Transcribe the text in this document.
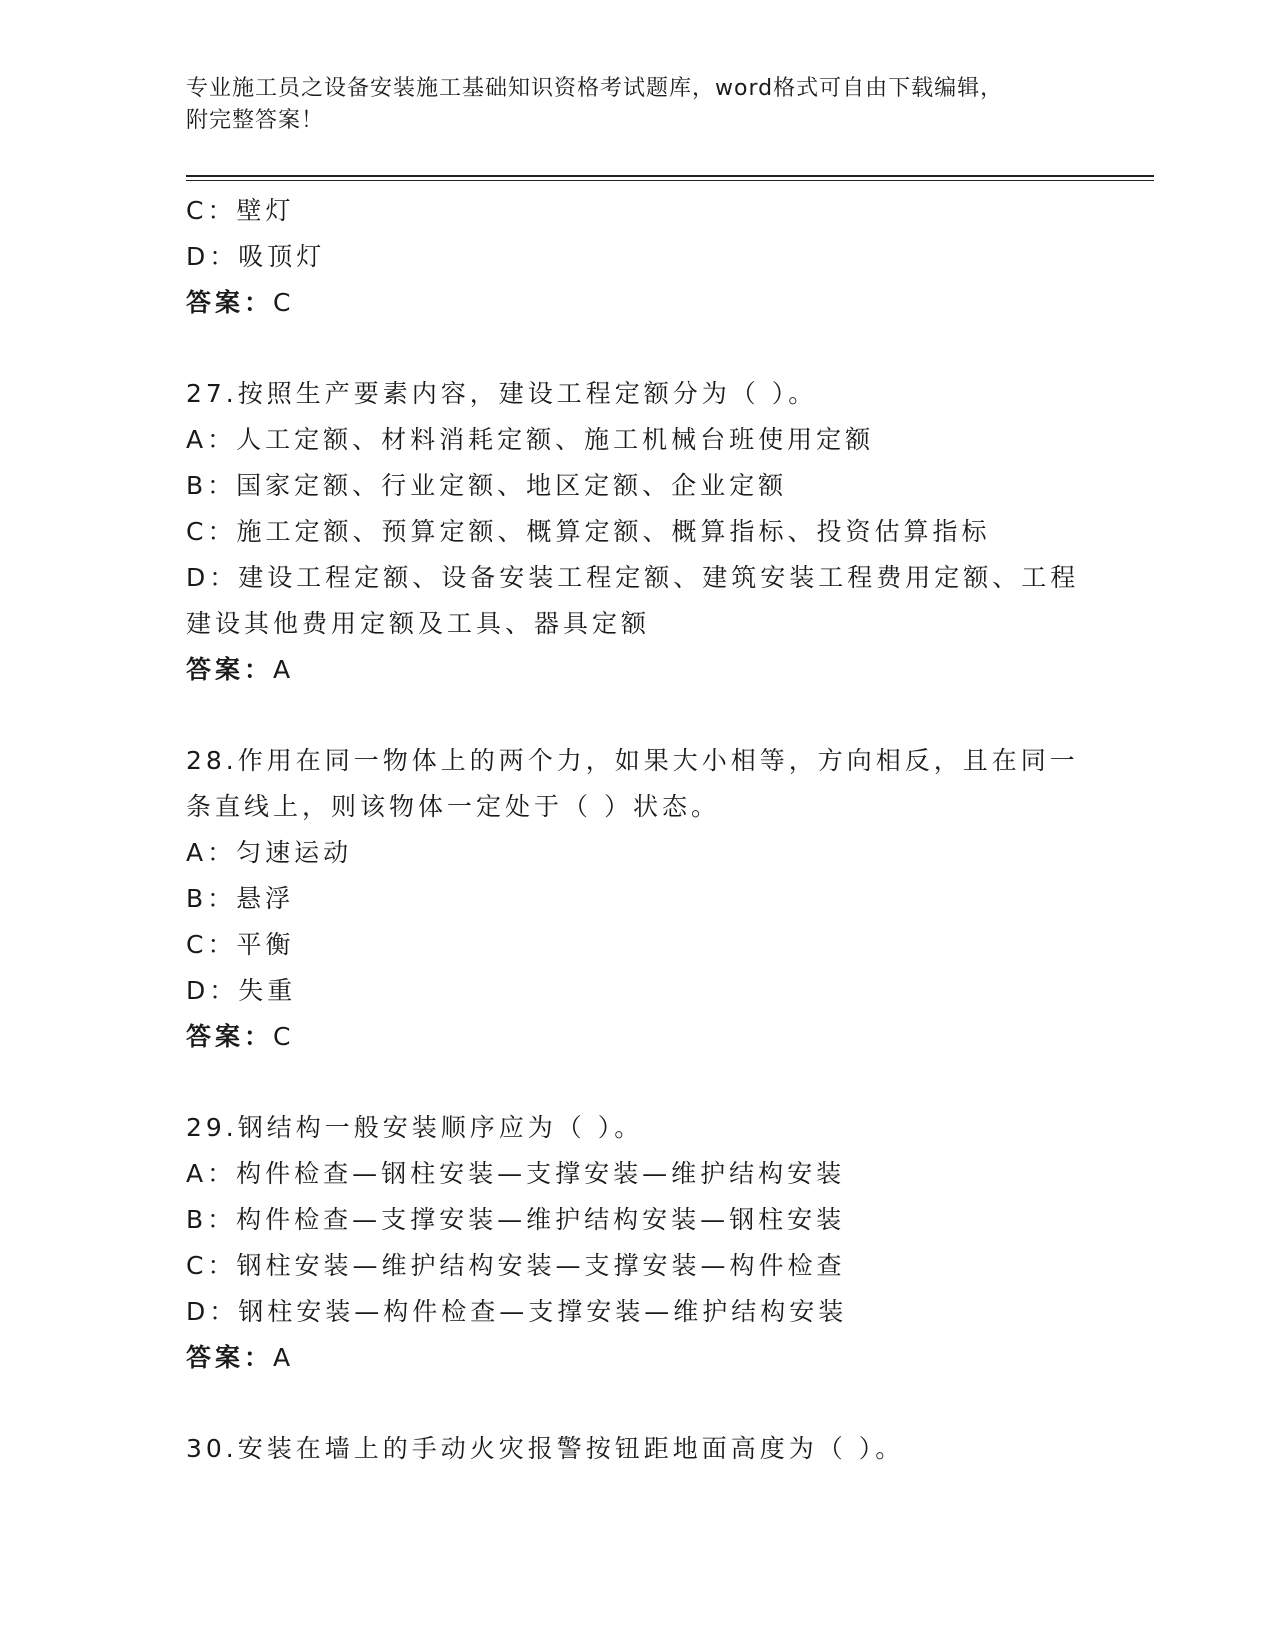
专业施工员之设备安装施工基础知识资格考试题库，word格式可自由下载编辑，
附完整答案！
C：壁灯
D：吸顶灯
答案：C
27.按照生产要素内容，建设工程定额分为（ ）。
A：人工定额、材料消耗定额、施工机械台班使用定额
B：国家定额、行业定额、地区定额、企业定额
C：施工定额、预算定额、概算定额、概算指标、投资估算指标
D：建设工程定额、设备安装工程定额、建筑安装工程费用定额、工程
建设其他费用定额及工具、器具定额
答案：A
28.作用在同一物体上的两个力，如果大小相等，方向相反，且在同一
条直线上，则该物体一定处于（ ）状态。
A：匀速运动
B：悬浮
C：平衡
D：失重
答案：C
29.钢结构一般安装顺序应为（ ）。
A：构件检查—钢柱安装—支撑安装—维护结构安装
B：构件检查—支撑安装—维护结构安装—钢柱安装
C：钢柱安装—维护结构安装—支撑安装—构件检查
D：钢柱安装—构件检查—支撑安装—维护结构安装
答案：A
30.安装在墙上的手动火灾报警按钮距地面高度为（ ）。
